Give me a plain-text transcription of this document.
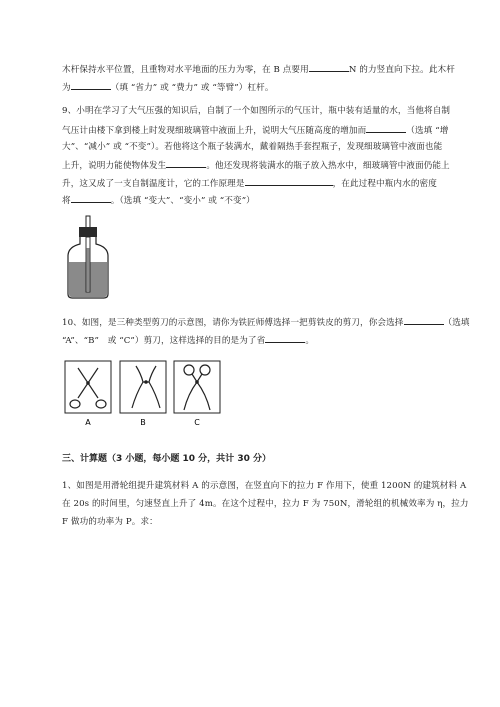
木杆保持水平位置，且重物对水平地面的压力为零，在 B 点要用	N 的力竖直向下拉。此木杆
为	（填 “省力” 或 “费力” 或 “等臂”）杠杆。
9、小明在学习了大气压强的知识后，自制了一个如图所示的气压计，瓶中装有适量的水，当他将自制
气压计由楼下拿到楼上时发现细玻璃管中液面上升，说明大气压随高度的增加而	（选填 “增
大”、“减小” 或 “不变”）。若他将这个瓶子装满水，戴着隔热手套捏瓶子，发现细玻璃管中液面也能
上升，说明力能使物体发生	。他还发现将装满水的瓶子放入热水中，细玻璃管中液面仍能上
升，这又成了一支自制温度计，它的工作原理是	，在此过程中瓶内水的密度
将	。（选填 “变大”、“变小” 或 “不变”）
10、如图，是三种类型剪刀的示意图，请你为铁匠师傅选择一把剪铁皮的剪刀，你会选择	（选填
“A”、“B”　或 “C”）剪刀，这样选择的目的是为了省	。
A	B	C
三、计算题（3 小题，每小题 10 分，共计 30 分）
1、如图是用滑轮组提升建筑材料 A 的示意图，在竖直向下的拉力 F 作用下，使重 1200N 的建筑材料 A
在 20s 的时间里，匀速竖直上升了 4m。在这个过程中，拉力 F 为 750N，滑轮组的机械效率为 η，拉力
F 做功的功率为 P。求：
